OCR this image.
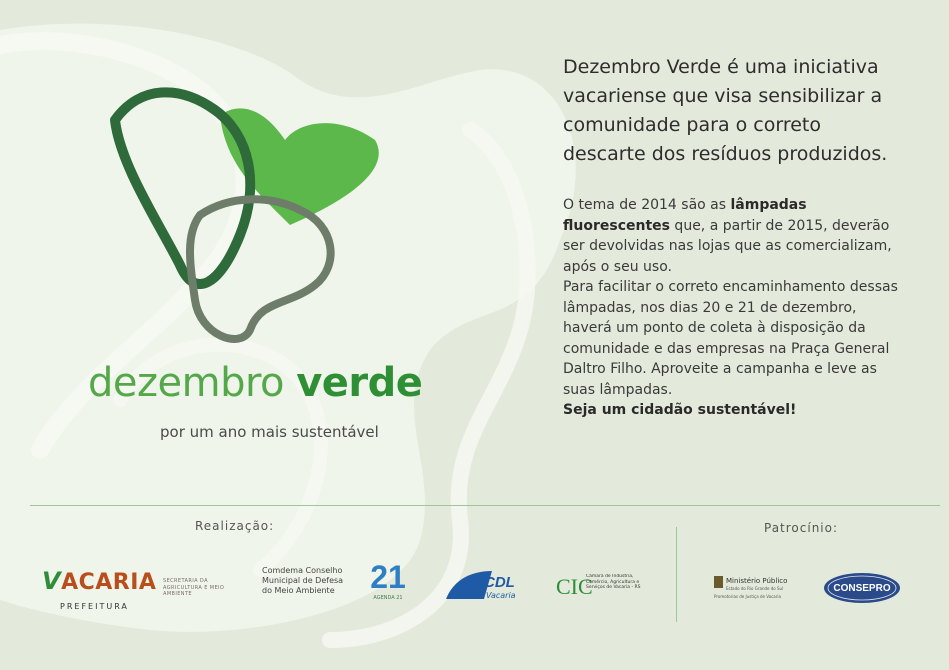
dezembro verde
por um ano mais sustentável
Dezembro Verde é uma iniciativa vacariense que visa sensibilizar a comunidade para o correto descarte dos resíduos produzidos.

O tema de 2014 são as lâmpadas fluorescentes que, a partir de 2015, deverão ser devolvidas nas lojas que as comercializam, após o seu uso.

Para facilitar o correto encaminhamento dessas lâmpadas, nos dias 20 e 21 de dezembro, haverá um ponto de coleta à disposição da comunidade e das empresas na Praça General Daltro Filho. Aproveite a campanha e leve as suas lâmpadas.

Seja um cidadão sustentável!

Realização:	Patrocínio:
VACARIA
PREFEITURA
SECRETARIA DA AGRICULTURA E MEIO AMBIENTE
Comdema Conselho Municipal de Defesa do Meio Ambiente	21
AGENDA 21
CDL
Vacaria CIC
Câmara de Indústria, Comércio, Agricultura e Serviços de Vacaria - RS
Ministério Público
Estado do Rio Grande do Sul
Promotorias de Justiça de Vacaria
CONSEPRO
